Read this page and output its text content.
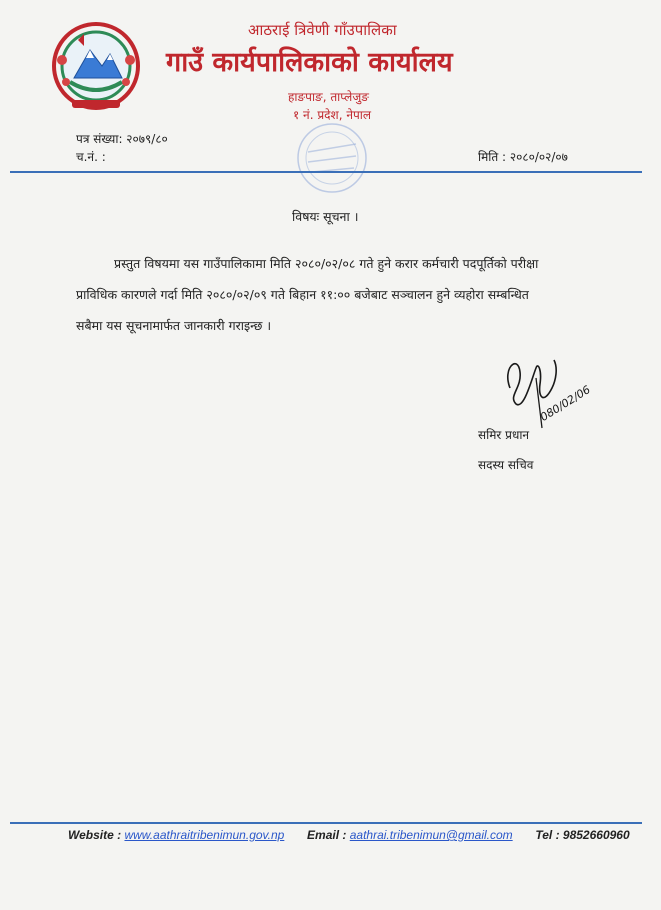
आठराई त्रिवेणी गाँउपालिका
गाउँ कार्यपालिकाको कार्यालय
हाङपाङ, ताप्लेजुङ
१ नं. प्रदेश, नेपाल
पत्र संख्या: २०७९/८०
च.नं. :	मिति : २०८०/०२/०७
विषयः सूचना ।
प्रस्तुत विषयमा यस गाउँपालिकामा मिति २०८०/०२/०८ गते हुने करार कर्मचारी पदपूर्तिको परीक्षा
प्राविधिक कारणले गर्दा मिति २०८०/०२/०९ गते बिहान ११:०० बजेबाट सञ्चालन हुने व्यहोरा सम्बन्धित
सबैमा यस सूचनामार्फत जानकारी गराइन्छ ।
080/02/06
समिर प्रधान
सदस्य सचिव
Website : www.aathraitribenimun.gov.np Email : aathrai.tribenimun@gmail.com Tel : 9852660960
